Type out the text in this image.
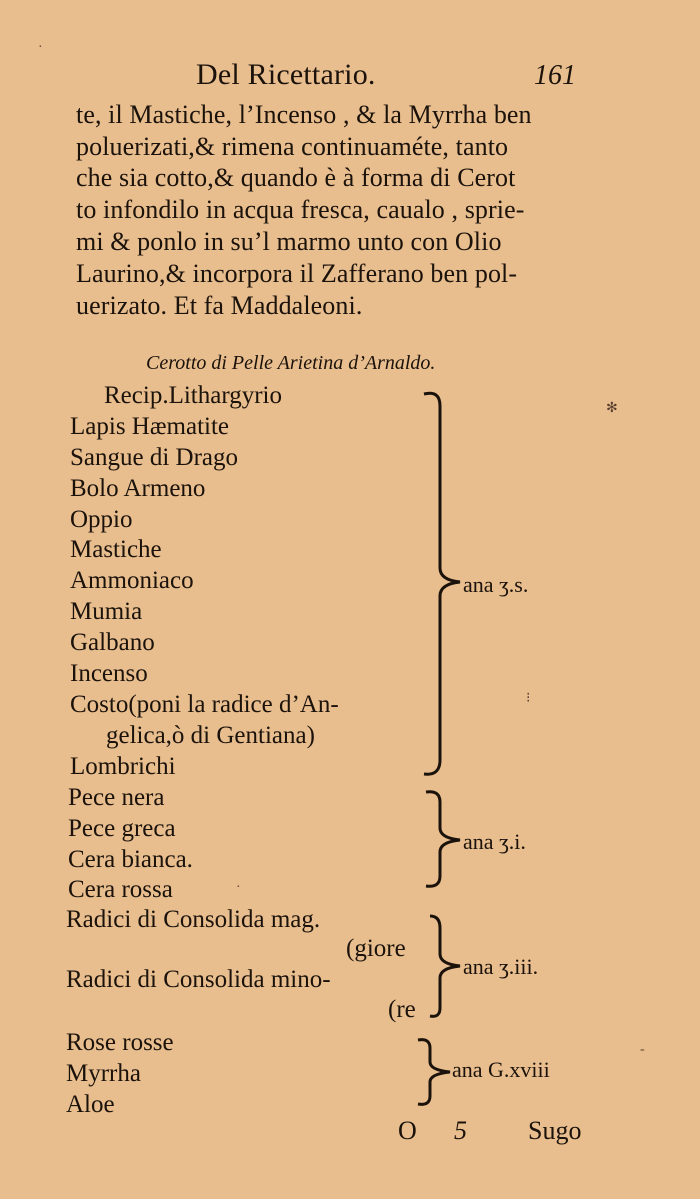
Del Ricettario.	161
te, il Mastiche, l’Incenso , & la Myrrha ben
poluerizati,& rimena continuaméte, tanto
che sia cotto,& quando è à forma di Cerot
to infondilo in acqua fresca, caualo , sprie-
mi & ponlo in su’l marmo unto con Olio
Laurino,& incorpora il Zafferano ben pol-
uerizato. Et fa Maddaleoni.
Cerotto di Pelle Arietina d’Arnaldo.
Recip.Lithargyrio
Lapis Hæmatite
Sangue di Drago
Bolo Armeno
Oppio
Mastiche
Ammoniaco
Mumia
Galbano
Incenso
Costo(poni la radice d’An-
gelica,ò di Gentiana)
Lombrichi
ana ʒ.s.
Pece nera
Pece greca
Cera bianca.
Cera rossa
ana ʒ.i.
Radici di Consolida mag.
(giore
Radici di Consolida mino-
(re
ana ʒ.iii.
Rose rosse
Myrrha
Aloe
ana G.xviii
O 5 Sugo
✻
⁝
-
·
·
